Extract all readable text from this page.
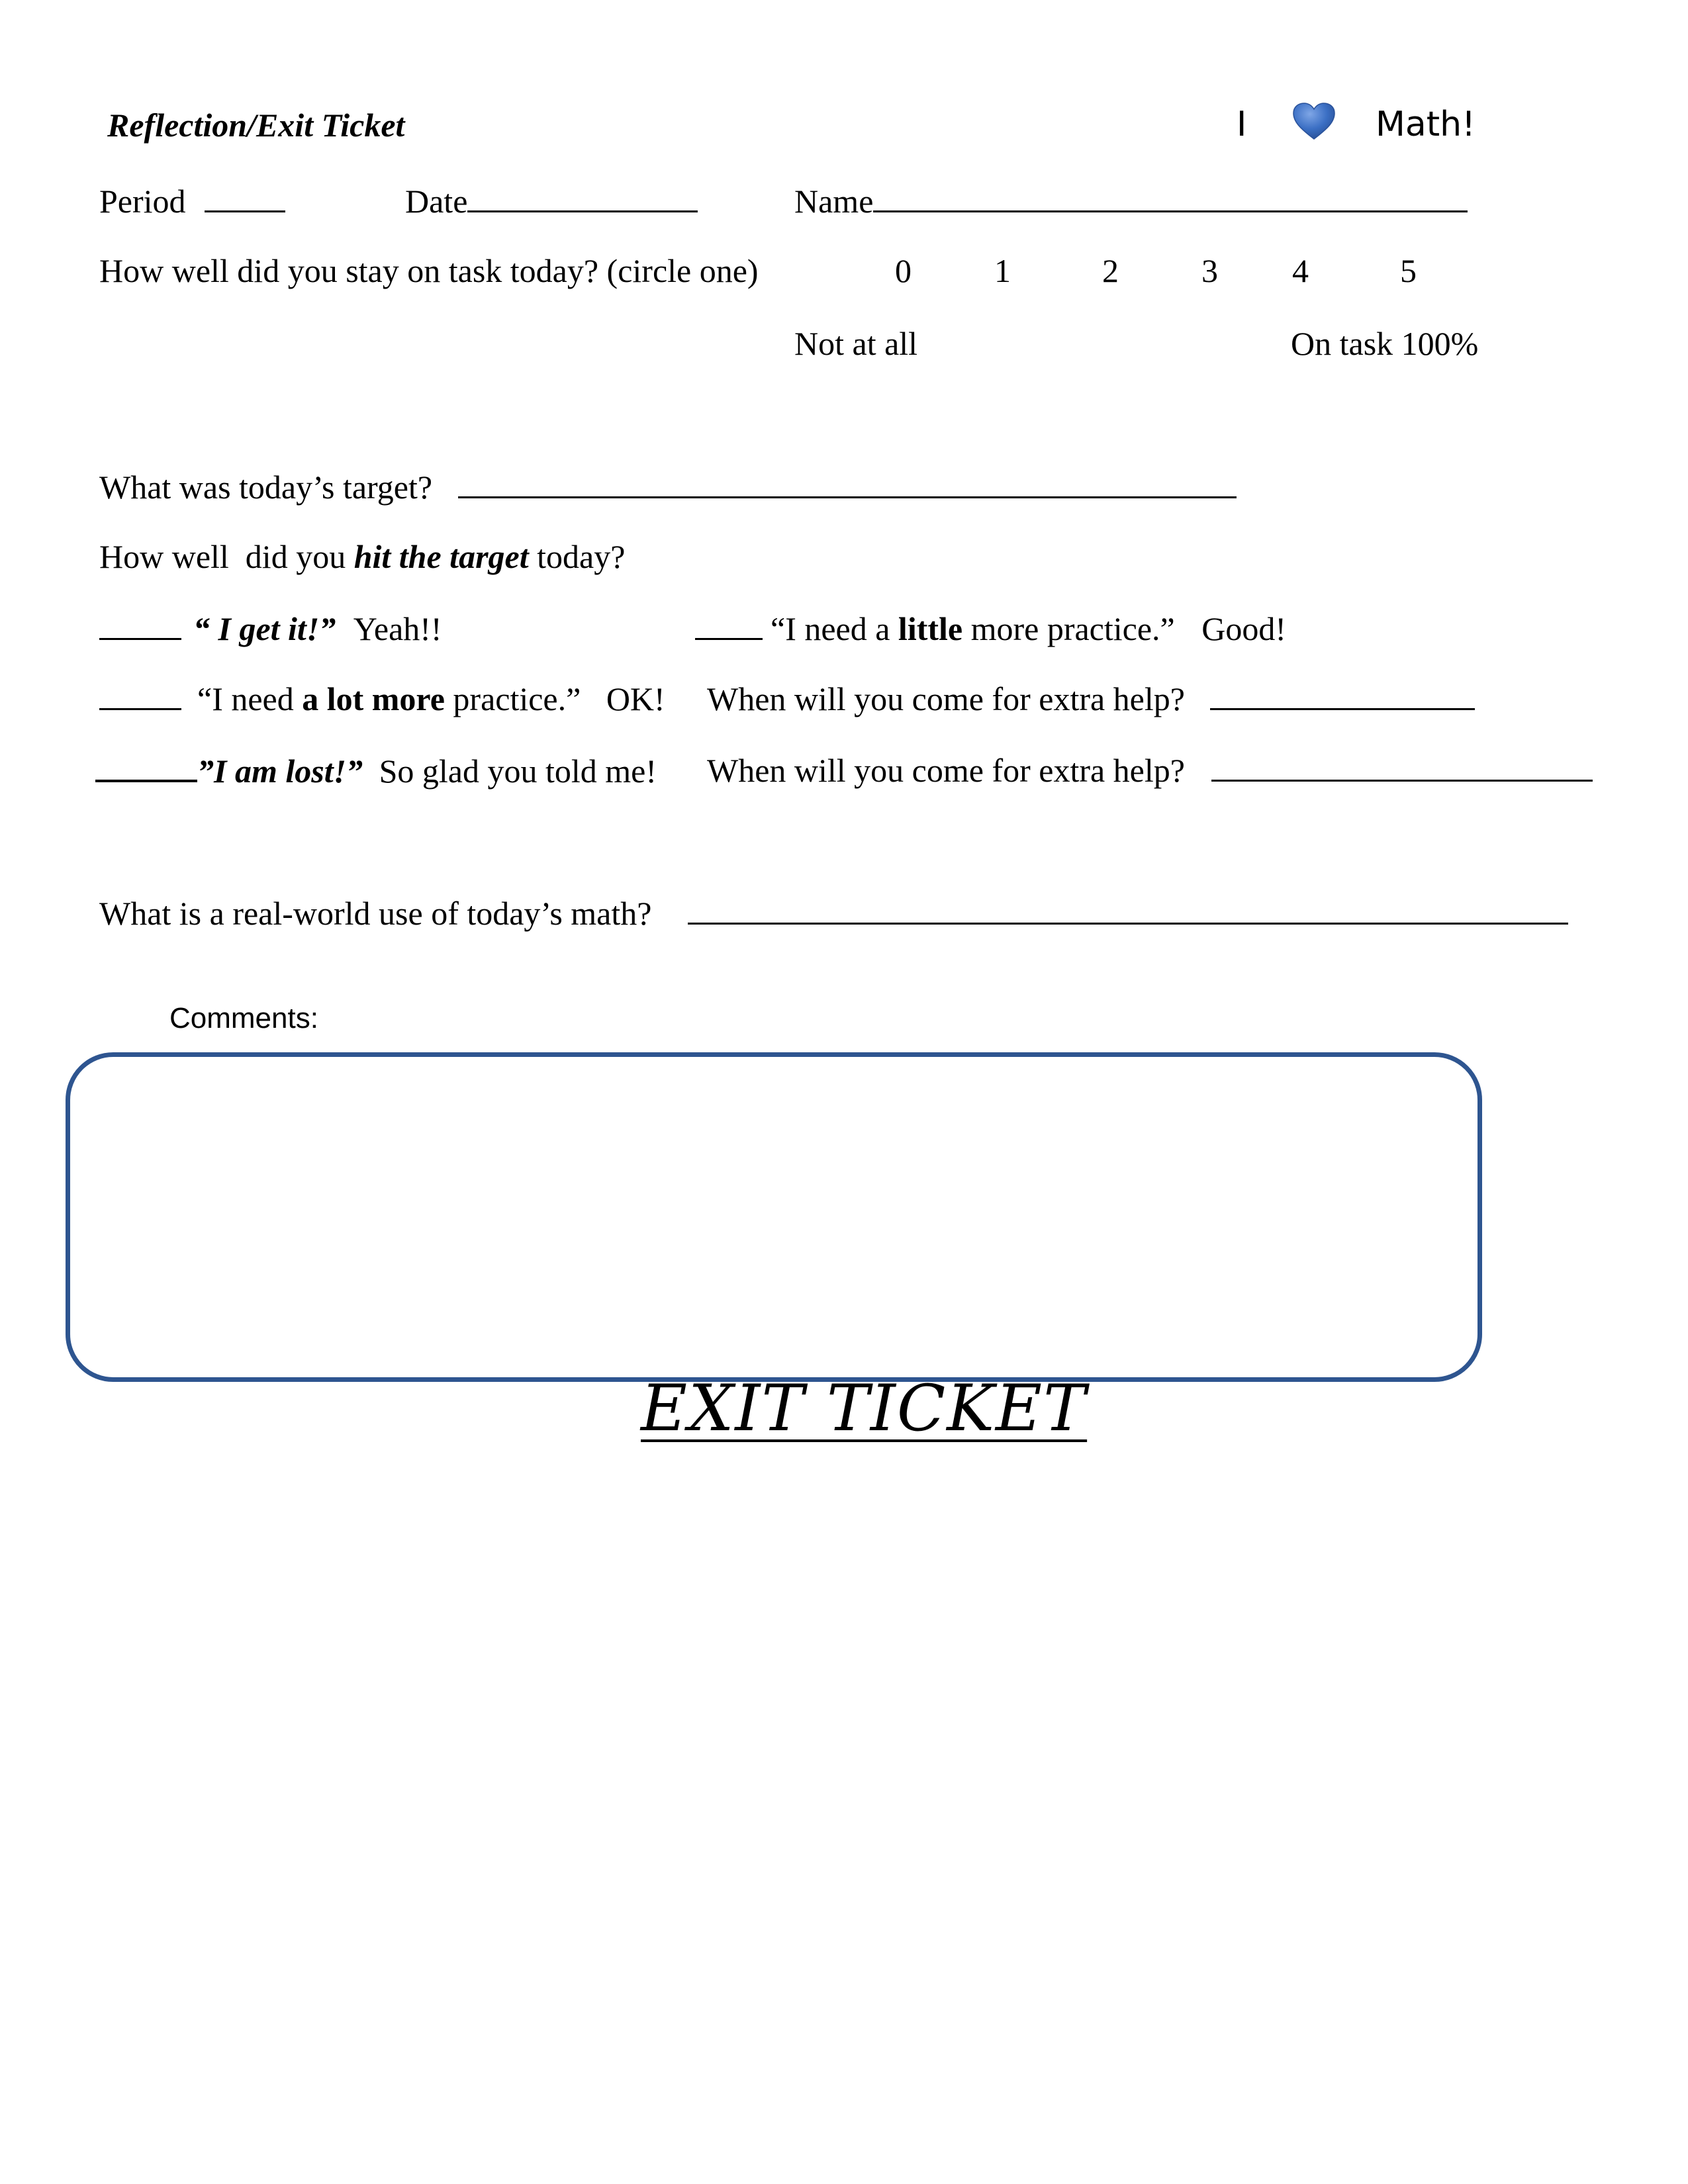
Reflection/Exit Ticket	I	Math!
Period	Date	Name
How well did you stay on task today? (circle one)	0	1	2	3 4	5
Not at all	On task 100%
What was today’s target?
How well  did you hit the target today?
“ I get it!” Yeah!!	“I need a little more practice.” Good!
“I need a lot more practice.” OK! When will you come for extra help?
”I am lost!” So glad you told me! When will you come for extra help?
What is a real-world use of today’s math?
Comments:
EXIT TICKET
